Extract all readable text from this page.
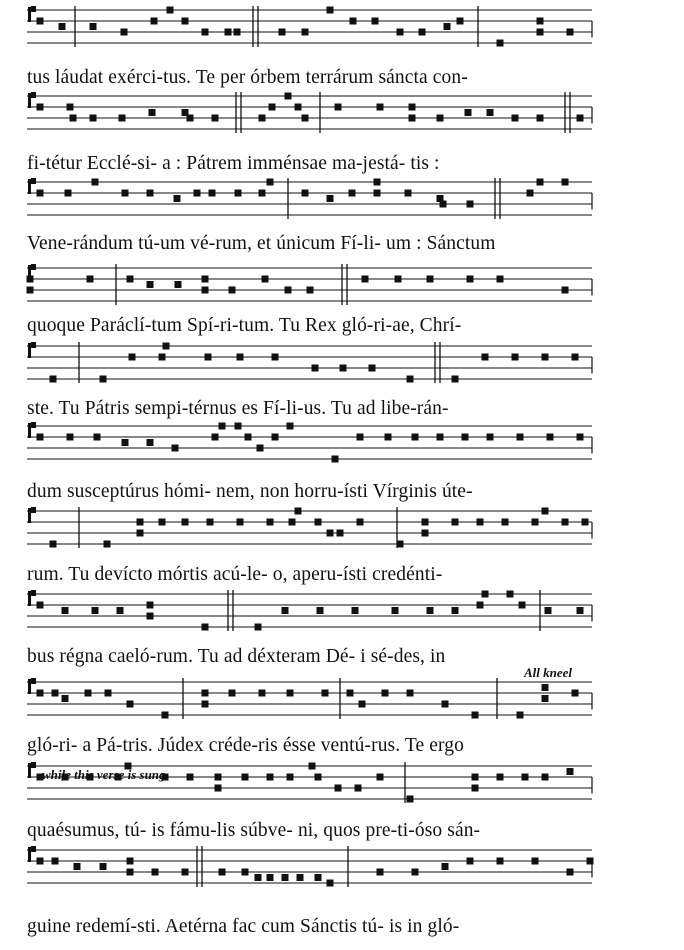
tus láudat exérci-tus. Te per órbem terrárum sáncta con-
fi-tétur Ecclé-si- a : Pátrem imménsae ma-jestá- tis :
Vene-rándum tú-um vé-rum, et únicum Fí-li- um : Sánctum
quoque Paráclí-tum Spí-ri-tum. Tu Rex gló-ri-ae, Chrí-
ste. Tu Pátris sempi-térnus es Fí-li-us. Tu ad libe-rán-
dum susceptúrus hómi- nem, non horru-ísti Vírginis úte-
rum. Tu devícto mórtis acú-le- o, aperu-ísti credénti-
bus régna caeló-rum. Tu ad déxteram Dé- i sé-des, in
gló-ri- a Pá-tris. Júdex créde-ris ésse ventú-rus. Te ergo
quaésumus, tú- is fámu-lis súbve- ni, quos pre-ti-óso sán-
guine redemí-sti. Aetérna fac cum Sánctis tú- is in gló-
All kneel
while this verse is sung.
